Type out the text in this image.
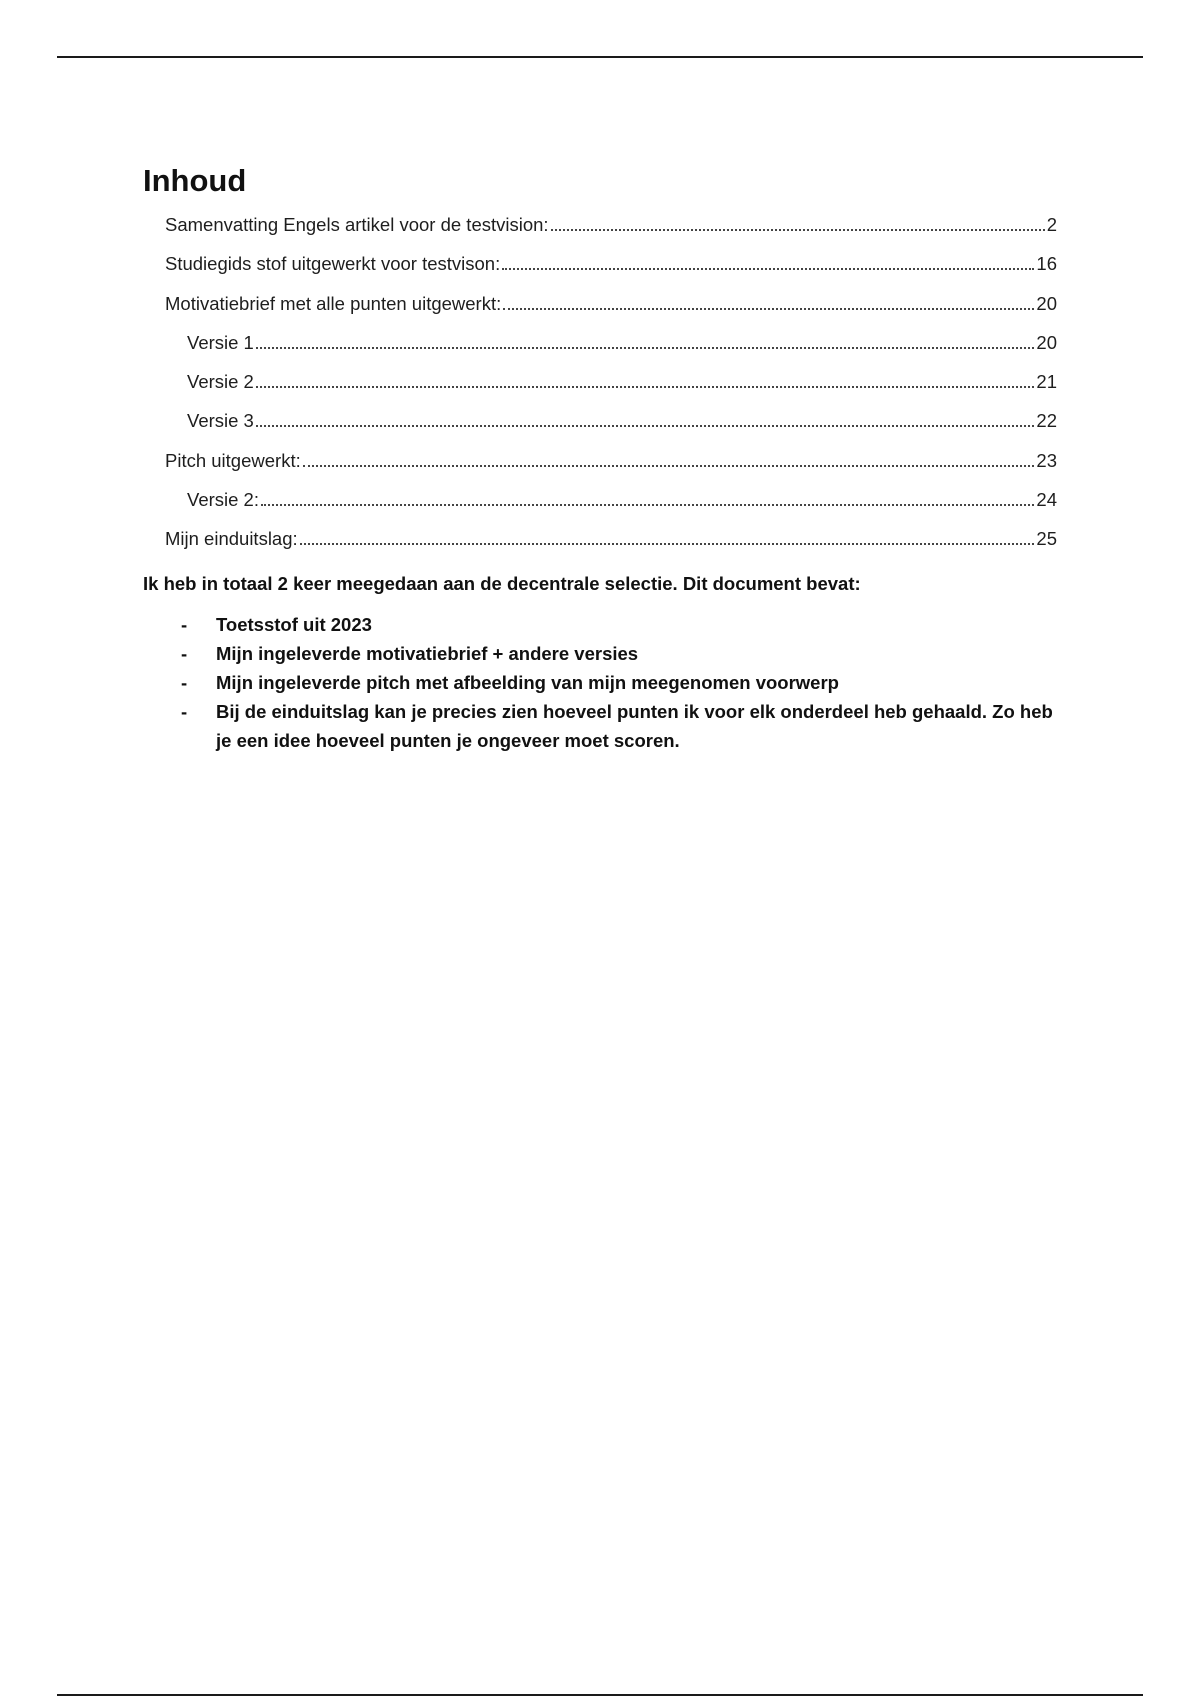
Inhoud
Samenvatting Engels artikel voor de testvision:	2
Studiegids stof uitgewerkt voor testvison:	16
Motivatiebrief met alle punten uitgewerkt:	20
Versie 1	20
Versie 2	21
Versie 3	22
Pitch uitgewerkt:	23
Versie 2:	24
Mijn einduitslag:	25

Ik heb in totaal 2 keer meegedaan aan de decentrale selectie. Dit document bevat:

- Toetsstof uit 2023
- Mijn ingeleverde motivatiebrief + andere versies
- Mijn ingeleverde pitch met afbeelding van mijn meegenomen voorwerp
- Bij de einduitslag kan je precies zien hoeveel punten ik voor elk onderdeel heb gehaald. Zo heb je een idee hoeveel punten je ongeveer moet scoren.
